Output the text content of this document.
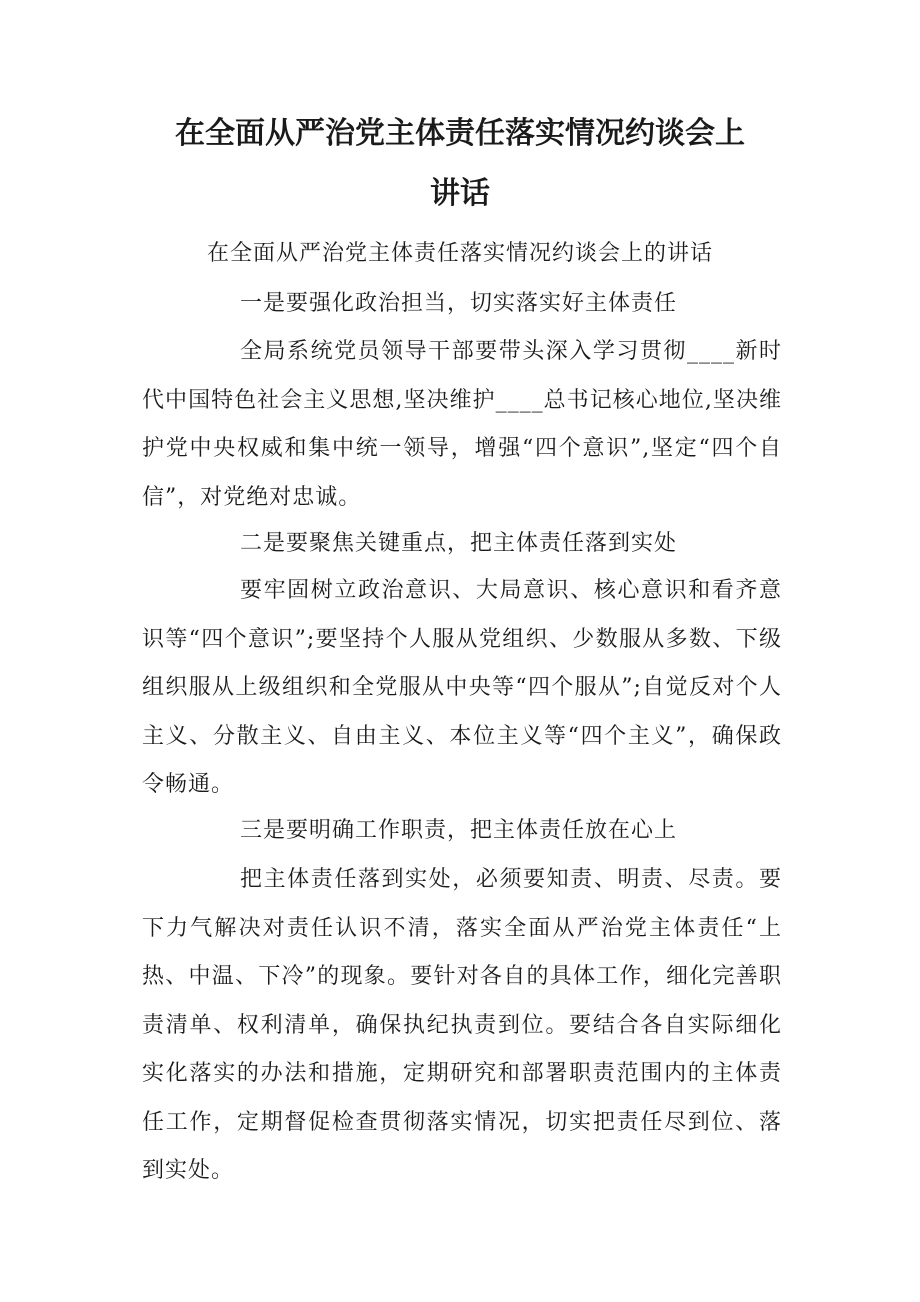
在全面从严治党主体责任落实情况约谈会上
讲话
在全面从严治党主体责任落实情况约谈会上的讲话
一是要强化政治担当，切实落实好主体责任
全局系统党员领导干部要带头深入学习贯彻____新时代中国特色社会主义思想,坚决维护____总书记核心地位,坚决维护党中央权威和集中统一领导，增强“四个意识”,坚定“四个自信”，对党绝对忠诚。
二是要聚焦关键重点，把主体责任落到实处
要牢固树立政治意识、大局意识、核心意识和看齐意识等“四个意识”;要坚持个人服从党组织、少数服从多数、下级组织服从上级组织和全党服从中央等“四个服从”;自觉反对个人主义、分散主义、自由主义、本位主义等“四个主义”，确保政令畅通。
三是要明确工作职责，把主体责任放在心上
把主体责任落到实处，必须要知责、明责、尽责。要下力气解决对责任认识不清，落实全面从严治党主体责任“上热、中温、下冷”的现象。要针对各自的具体工作，细化完善职责清单、权利清单，确保执纪执责到位。要结合各自实际细化实化落实的办法和措施，定期研究和部署职责范围内的主体责任工作，定期督促检查贯彻落实情况，切实把责任尽到位、落到实处。
